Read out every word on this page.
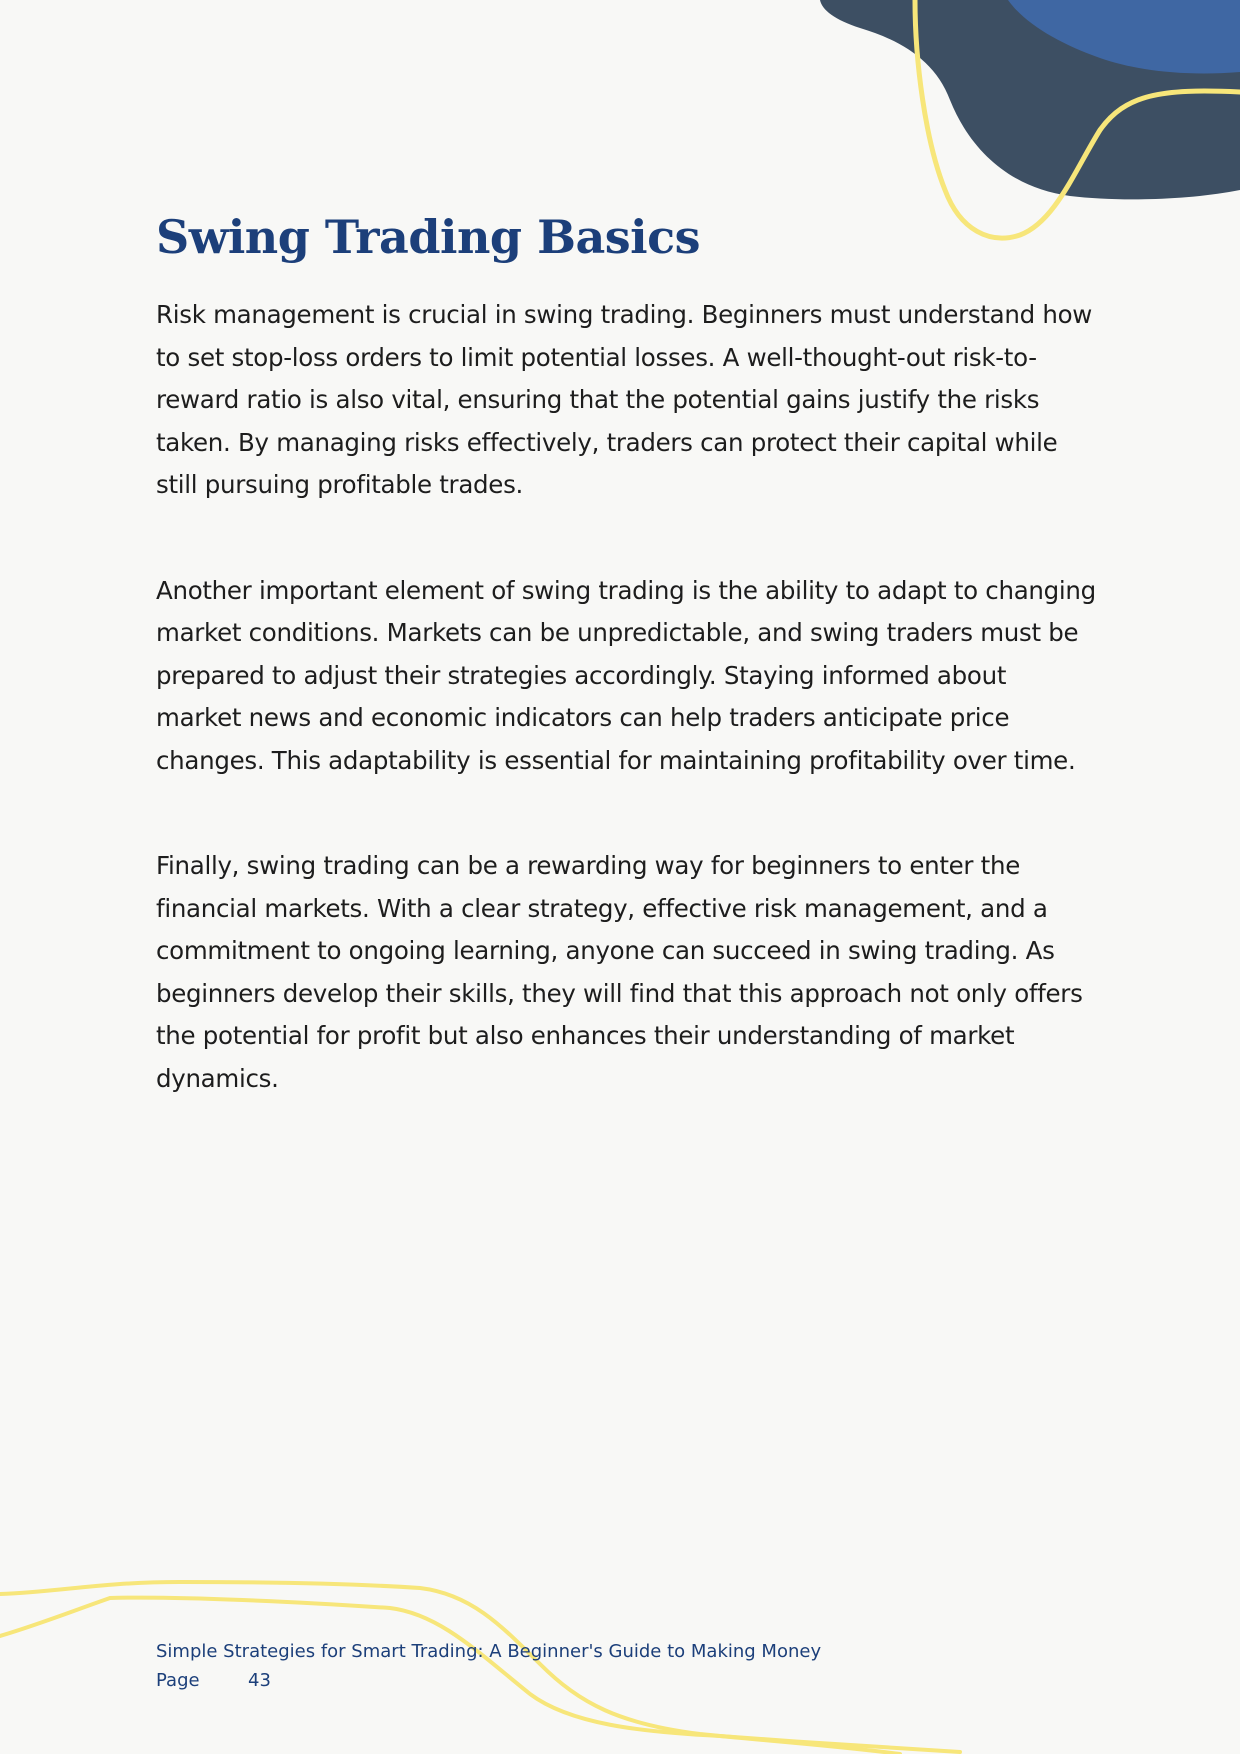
Swing Trading Basics

Risk management is crucial in swing trading. Beginners must understand how to set stop-loss orders to limit potential losses. A well-thought-out risk-to-reward ratio is also vital, ensuring that the potential gains justify the risks taken. By managing risks effectively, traders can protect their capital while still pursuing profitable trades.

Another important element of swing trading is the ability to adapt to changing market conditions. Markets can be unpredictable, and swing traders must be prepared to adjust their strategies accordingly. Staying informed about market news and economic indicators can help traders anticipate price changes. This adaptability is essential for maintaining profitability over time.

Finally, swing trading can be a rewarding way for beginners to enter the financial markets. With a clear strategy, effective risk management, and a commitment to ongoing learning, anyone can succeed in swing trading. As beginners develop their skills, they will find that this approach not only offers the potential for profit but also enhances their understanding of market dynamics.

Simple Strategies for Smart Trading: A Beginner's Guide to Making Money
Page	43
